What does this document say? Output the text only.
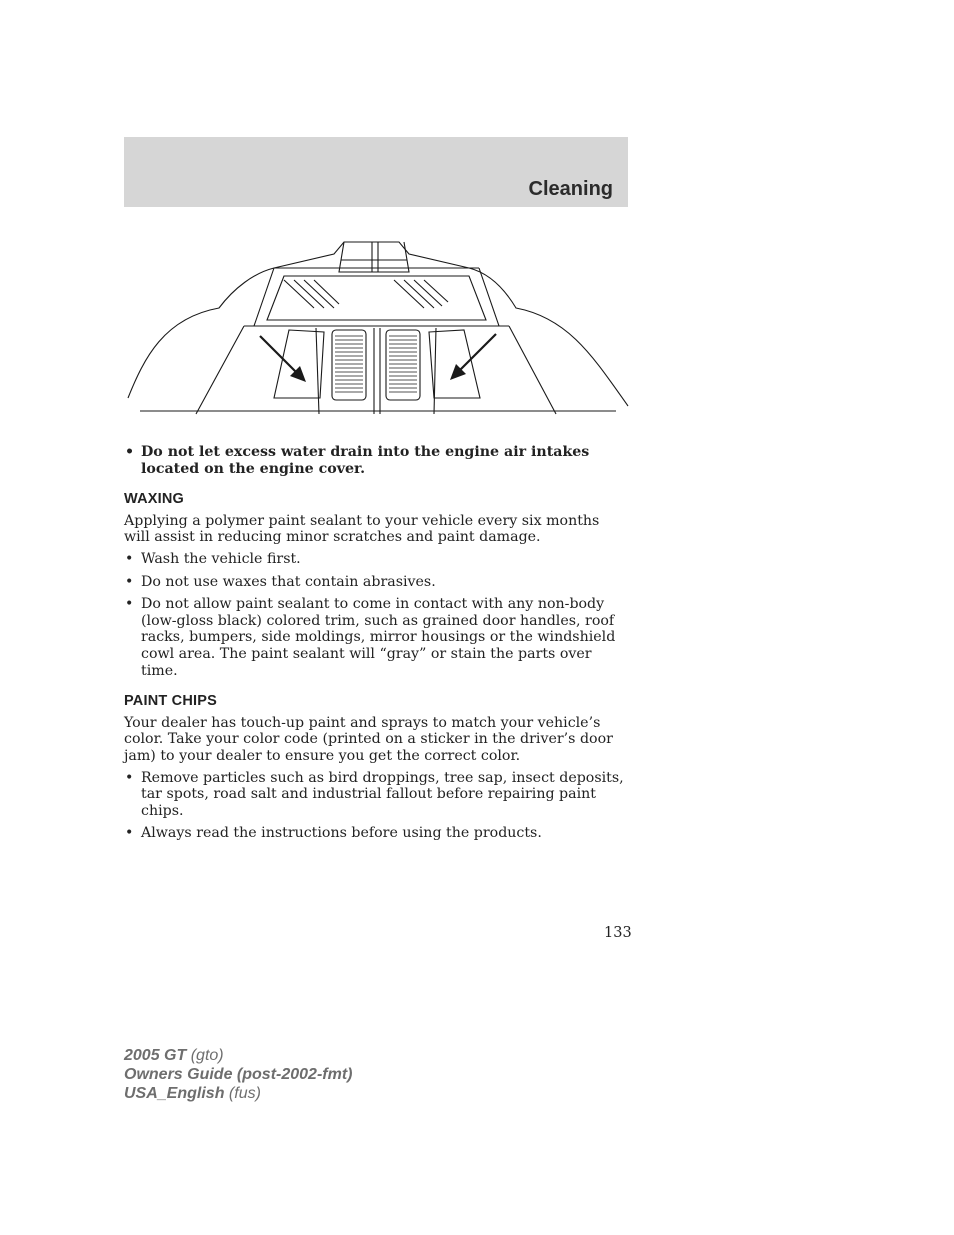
Cleaning
• Do not let excess water drain into the engine air intakes located on the engine cover.
WAXING
Applying a polymer paint sealant to your vehicle every six months will assist in reducing minor scratches and paint damage.
• Wash the vehicle first.
• Do not use waxes that contain abrasives.
• Do not allow paint sealant to come in contact with any non-body (low-gloss black) colored trim, such as grained door handles, roof racks, bumpers, side moldings, mirror housings or the windshield cowl area. The paint sealant will “gray” or stain the parts over time.
PAINT CHIPS
Your dealer has touch-up paint and sprays to match your vehicle’s color. Take your color code (printed on a sticker in the driver’s door jam) to your dealer to ensure you get the correct color.
• Remove particles such as bird droppings, tree sap, insect deposits, tar spots, road salt and industrial fallout before repairing paint chips.
• Always read the instructions before using the products.
133
2005 GT (gto)
Owners Guide (post-2002-fmt)
USA_English (fus)
